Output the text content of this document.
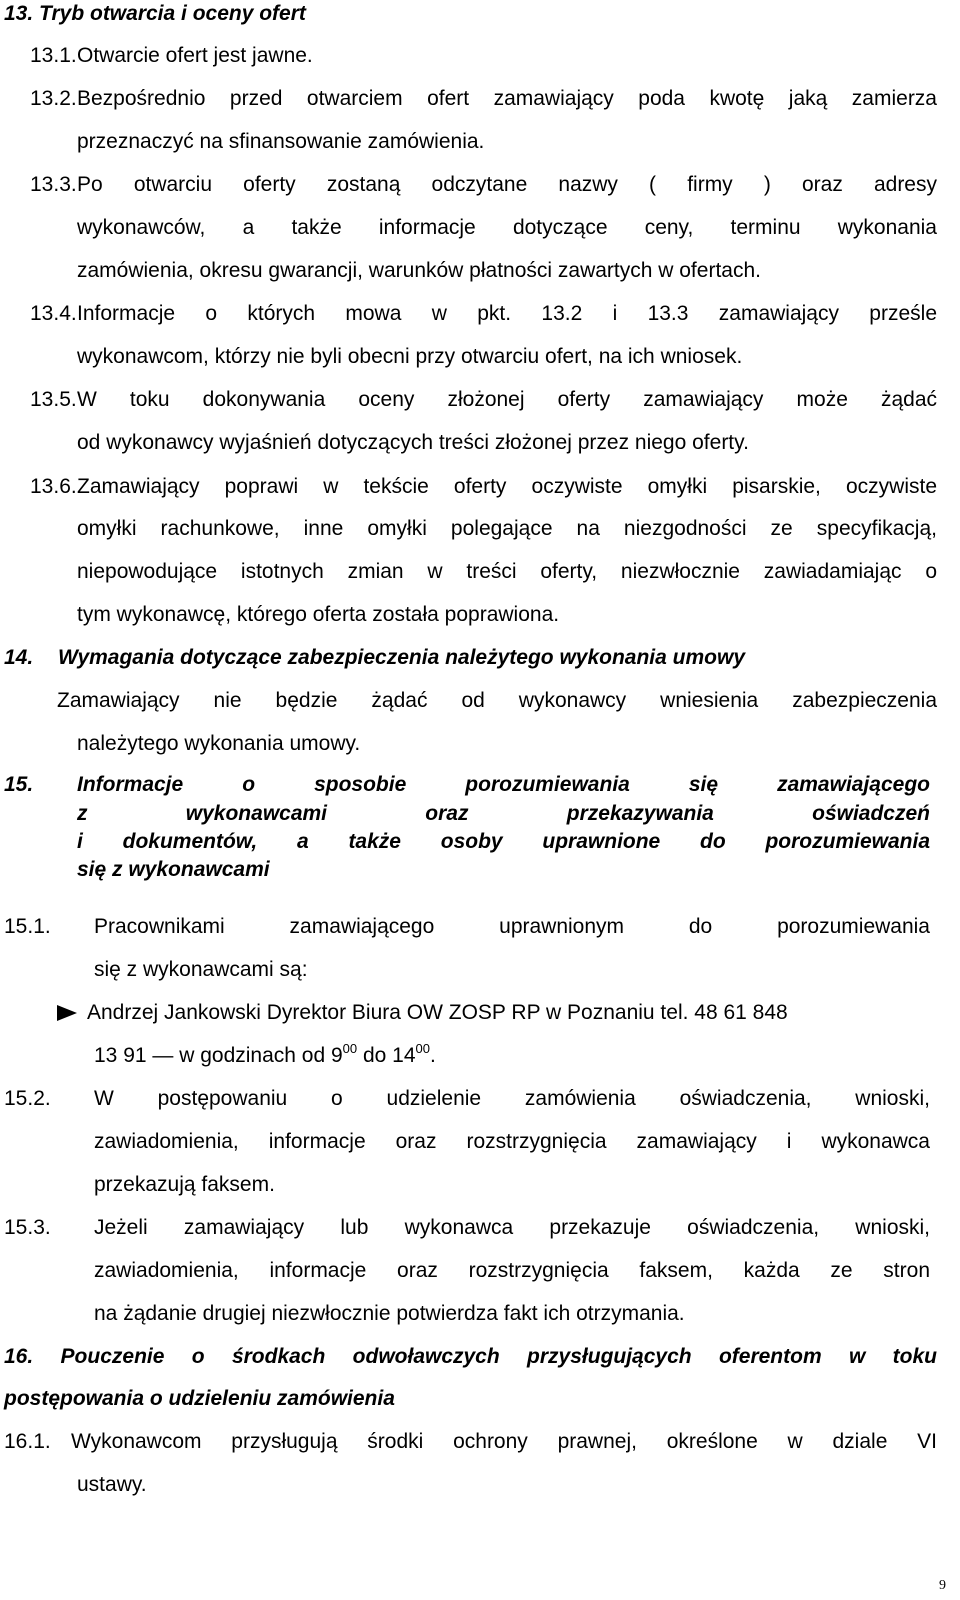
13. Tryb otwarcia i oceny ofert
13.1. Otwarcie ofert jest jawne.
13.2. Bezpośrednio przed otwarciem ofert zamawiający poda kwotę jaką zamierza
przeznaczyć na sfinansowanie zamówienia.
13.3. Po otwarciu oferty zostaną odczytane nazwy ( firmy ) oraz adresy
wykonawców, a także informacje dotyczące ceny, terminu wykonania
zamówienia, okresu gwarancji, warunków płatności zawartych w ofertach.
13.4. Informacje o których mowa w pkt. 13.2 i 13.3 zamawiający prześle
wykonawcom, którzy nie byli obecni przy otwarciu ofert, na ich wniosek.
13.5. W toku dokonywania oceny złożonej oferty zamawiający może żądać
od wykonawcy wyjaśnień dotyczących treści złożonej przez niego oferty.
13.6. Zamawiający poprawi w tekście oferty oczywiste omyłki pisarskie, oczywiste
omyłki rachunkowe, inne omyłki polegające na niezgodności ze specyfikacją,
niepowodujące istotnych zmian w treści oferty, niezwłocznie zawiadamiając o
tym wykonawcę, którego oferta została poprawiona.
14. Wymagania dotyczące zabezpieczenia należytego wykonania umowy
Zamawiający nie będzie żądać od wykonawcy wniesienia zabezpieczenia
należytego wykonania umowy.
15. Informacje o sposobie porozumiewania się zamawiającego
z wykonawcami oraz przekazywania oświadczeń
i dokumentów, a także osoby uprawnione do porozumiewania
się z wykonawcami
15.1. Pracownikami zamawiającego uprawnionym do porozumiewania
się z wykonawcami są:
Andrzej Jankowski Dyrektor Biura OW ZOSP RP w Poznaniu tel. 48 61 848
13 91 — w godzinach od $9^{00}$ do $14^{00}$.
15.2. W postępowaniu o udzielenie zamówienia oświadczenia, wnioski,
zawiadomienia, informacje oraz rozstrzygnięcia zamawiający i wykonawca
przekazują faksem.
15.3. Jeżeli zamawiający lub wykonawca przekazuje oświadczenia, wnioski,
zawiadomienia, informacje oraz rozstrzygnięcia faksem, każda ze stron
na żądanie drugiej niezwłocznie potwierdza fakt ich otrzymania.
16. Pouczenie o środkach odwoławczych przysługujących oferentom w toku
postępowania o udzieleniu zamówienia
16.1. Wykonawcom przysługują środki ochrony prawnej, określone w dziale VI
ustawy.
9
